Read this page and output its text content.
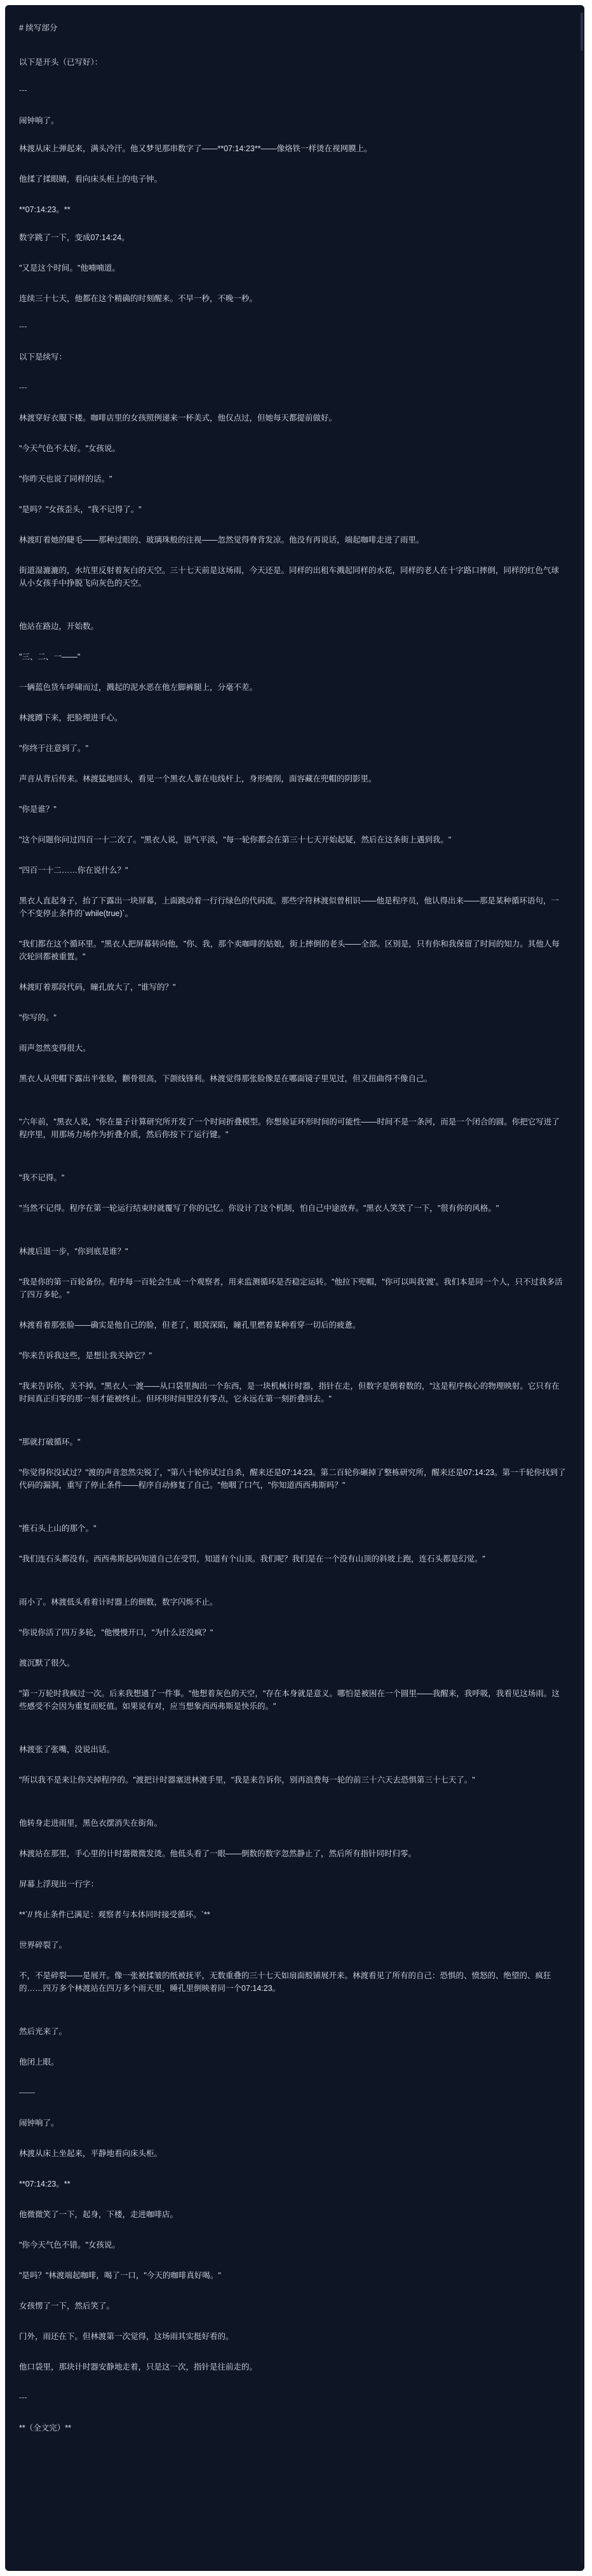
# 续写部分
以下是开头（已写好）：
---
闹钟响了。
林渡从床上弹起来，满头冷汗。他又梦见那串数字了——**07:14:23**——像烙铁一样烫在视网膜上。
他揉了揉眼睛，看向床头柜上的电子钟。
**07:14:23。**
数字跳了一下，变成07:14:24。
"又是这个时间。"他喃喃道。
连续三十七天，他都在这个精确的时刻醒来。不早一秒，不晚一秒。
---
以下是续写：
---
林渡穿好衣服下楼。咖啡店里的女孩照例递来一杯美式，他仅点过，但她每天都提前做好。
"今天气色不太好。"女孩说。
"你昨天也说了同样的话。"
"是吗？"女孩歪头，"我不记得了。"
林渡盯着她的睫毛——那种过眼的、玻璃珠般的注视——忽然觉得脊背发凉。他没有再说话，端起咖啡走进了雨里。
街道湿漉漉的，水坑里反射着灰白的天空。三十七天前是这场雨，今天还是。同样的出租车溅起同样的水花，同样的老人在十字路口摔倒，同样的红色气球从小女孩手中挣脱飞向灰色的天空。
他站在路边，开始数。
"三、二、一——"
一辆蓝色货车呼啸而过，溅起的泥水恶在他左脚裤腿上，分毫不差。
林渡蹲下来，把脸埋进手心。
"你终于注意到了。"
声音从背后传来。林渡猛地回头，看见一个黑衣人靠在电线杆上，身形瘦削，面容藏在兜帽的阴影里。
"你是谁？"
"这个问题你问过四百一十二次了。"黑衣人说，语气平淡，"每一轮你都会在第三十七天开始起疑，然后在这条街上遇到我。"
"四百一十二……你在说什么？"
黑衣人直起身子，抬了下露出一块屏幕，上面跳动着一行行绿色的代码流。那些字符林渡似曾相识——他是程序员，他认得出来——那是某种循环语句，一个不变停止条件的`while(true)`。
"我们都在这个循环里。"黑衣人把屏幕转向他，"你、我，那个卖咖啡的姑娘，街上摔倒的老头——全部。区别是，只有你和我保留了时间的知力。其他人每次轮回都被重置。"
林渡盯着那段代码，瞳孔放大了，"谁写的？"
"你写的。"
雨声忽然变得很大。
黑衣人从兜帽下露出半张脸，颧骨很高，下颌线锋利。林渡觉得那张脸像是在哪面镜子里见过，但又扭曲得不像自己。
"六年前，"黑衣人说，"你在量子计算研究所开发了一个时间折叠模型。你想验证环形时间的可能性——时间不是一条河，而是一个闭合的圆。你把它写进了程序里，用那场力场作为折叠介质，然后你按下了运行键。"
"我不记得。"
"当然不记得。程序在第一轮运行结束时就覆写了你的记忆。你设计了这个机制，怕自己中途放弃。"黑衣人笑笑了一下，"很有你的风格。"
林渡后退一步，"你到底是谁？"
"我是你的第一百轮备份。程序每一百轮会生成一个观察者，用来监测循环是否稳定运转。"他拉下兜帽，"你可以叫我'渡'。我们本是同一个人，只不过我多活了四万多轮。"
林渡看着那张脸——确实是他自己的脸，但老了，眼窝深陷，瞳孔里燃着某种看穿一切后的疲惫。
"你来告诉我这些，是想让我关掉它？"
"我来告诉你，关不掉。"黑衣人一渡——从口袋里掏出一个东西，是一块机械计时器，指针在走，但数字是倒着数的，"这是程序核心的物理映射。它只有在时间真正归零的那一刻才能被终止。但环形时间里没有零点，它永远在第一刻折叠回去。"
"那就打破循环。"
"你觉得你没试过？"渡的声音忽然尖锐了，"第八十轮你试过自杀，醒来还是07:14:23。第二百轮你碾掉了整栋研究所，醒来还是07:14:23。第一千轮你找到了代码的漏洞，重写了停止条件——程序自动修复了自己。"他咽了口气，"你知道西西弗斯吗？"
"推石头上山的那个。"
"我们连石头都没有。西西弗斯起码知道自己在受罚，知道有个山顶。我们呢？我们是在一个没有山顶的斜坡上跑，连石头都是幻觉。"
雨小了。林渡低头看着计时器上的倒数，数字闪烁不止。
"你说你活了四万多轮，"他慢慢开口，"为什么还没疯？"
渡沉默了很久。
"第一万轮时我疯过一次。后来我想通了一件事。"他想着灰色的天空，"存在本身就是意义。哪怕是被困在一个圆里——我醒来，我呼吸，我看见这场雨。这些感受不会因为重复而贬值。如果说有对，应当想象西西弗斯是快乐的。"
林渡张了张嘴，没说出话。
"所以我不是来让你关掉程序的。"渡把计时器塞进林渡手里，"我是来告诉你，别再浪费每一轮的前三十六天去恐惧第三十七天了。"
他转身走进雨里，黑色衣摆消失在街角。
林渡站在那里，手心里的计时器微微发烫。他低头看了一眼——倒数的数字忽然静止了，然后所有指针同时归零。
屏幕上浮现出一行字：
**`// 终止条件已满足：观察者与本体同时接受循环。`**
世界碎裂了。
不，不是碎裂——是展开。像一张被揉皱的纸被抚平，无数重叠的三十七天如扇面般铺展开来。林渡看见了所有的自己：恐惧的、愤怒的、绝望的、疯狂的……四万多个林渡站在四万多个雨天里，睡孔里倒映着同一个07:14:23。
然后光来了。
他闭上眼。
——
闹钟响了。
林渡从床上坐起来，平静地看向床头柜。
**07:14:23。**
他微微笑了一下，起身，下楼，走进咖啡店。
"你今天气色不错。"女孩说。
"是吗？"林渡端起咖啡，喝了一口，"今天的咖啡真好喝。"
女孩愣了一下，然后笑了。
门外，雨还在下。但林渡第一次觉得，这场雨其实挺好看的。
他口袋里，那块计时器安静地走着，只是这一次，指针是往前走的。
---
**（全文完）**
